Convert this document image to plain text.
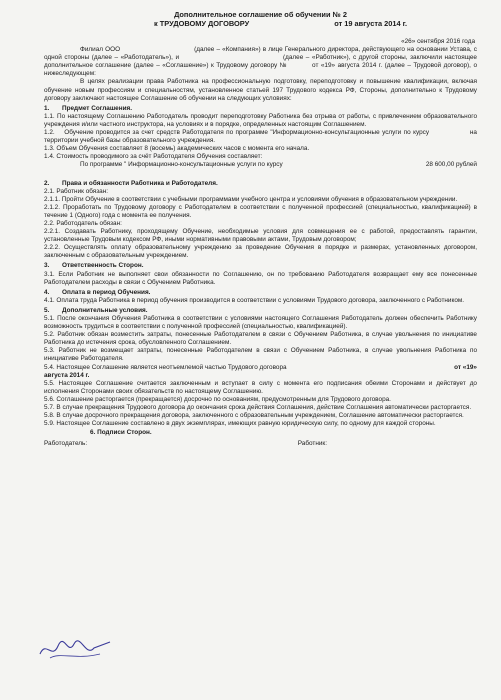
Дополнительное соглашение об обучении № 2
к ТРУДОВОМУ ДОГОВОРУ	от 19 августа 2014 г.
«26» сентября 2016 года

Филиал ООО                                   (далее – «Компания») в лице Генерального директора, действующего на основании Устава, с одной стороны (далее – «Работодатель»), и                                         (далее – «Работник»), с другой стороны, заключили настоящее дополнительное соглашение (далее – «Соглашение») к Трудовому договору №          от «19» августа 2014 г. (далее – Трудовой договор), о нижеследующем:

В целях реализации права Работника на профессиональную подготовку, переподготовку и повышение квалификации, включая обучение новым профессиям и специальностям, установленное статьей 197 Трудового кодекса РФ, Стороны, дополнительно к Трудовому договору заключают настоящее Соглашение об обучении на следующих условиях:

1. Предмет Соглашения.

1.1. По настоящему Соглашению Работодатель проводит переподготовку Работника без отрыва от работы, с привлечением образовательного учреждения и/или частного инструктора, на условиях и в порядке, определенных настоящим Соглашением.

1.2.    Обучение проводится за счет средств Работодателя по программе "Информационно-консультационные услуги по курсу                 на территории учебной базы образовательного учреждения.

1.3. Объем Обучения составляет 8 (восемь) академических часов с момента его начала.

1.4. Стоимость проводимого за счёт Работодателя Обучения составляет:

По программе " Информационно-консультационные услуги по курсу	28 600,00 рублей
2. Права и обязанности Работника и Работодателя.

2.1. Работник обязан:

2.1.1. Пройти Обучение в соответствии с учебными программами учебного центра и условиями обучения в образовательном учреждении.

2.1.2. Проработать по Трудовому договору с Работодателем в соответствии с полученной профессией (специальностью, квалификацией) в течение 1 (Одного) года с момента ее получения.

2.2. Работодатель обязан:

2.2.1. Создавать Работнику, проходящему Обучение, необходимые условия для совмещения ее с работой, предоставлять гарантии, установленные Трудовым кодексом РФ, иными нормативными правовыми актами, Трудовым договором;

2.2.2. Осуществлять оплату образовательному учреждению за проведение Обучения в порядке и размерах, установленных договором, заключенным с образовательным учреждением.

3. Ответственность Сторон.

3.1. Если Работник не выполняет свои обязанности по Соглашению, он по требованию Работодателя возвращает ему все понесенные Работодателем расходы в связи с Обучением Работника.

4. Оплата в период Обучения.

4.1. Оплата труда Работника в период обучения производится в соответствии с условиями Трудового договора, заключенного с Работником.

5. Дополнительные условия.

5.1. После окончания Обучения Работника в соответствии с условиями настоящего Соглашения Работодатель должен обеспечить Работнику возможность трудиться в соответствии с полученной профессией (специальностью, квалификацией).

5.2. Работник обязан возместить затраты, понесенные Работодателем в связи с Обучением Работника, в случае увольнения по инициативе Работника до истечения срока, обусловленного Соглашением.

5.3. Работник не возмещает затраты, понесенные Работодателем в связи с Обучением Работника, в случае увольнения Работника по инициативе Работодателя.

5.4. Настоящее Соглашение является неотъемлемой частью Трудового договора	от «19»
августа 2014 г.

5.5. Настоящее Соглашение считается заключенным и вступает в силу с момента его подписания обеими Сторонами и действует до исполнения Сторонами своих обязательств по настоящему Соглашению.

5.6. Соглашение расторгается (прекращается) досрочно по основаниям, предусмотренным для Трудового договора.

5.7. В случае прекращения Трудового договора до окончания срока действия Соглашения, действие Соглашения автоматически расторгается.

5.8. В случае досрочного прекращения договора, заключенного с образовательным учреждением, Соглашение автоматически расторгается.

5.9. Настоящее Соглашение составлено в двух экземплярах, имеющих равную юридическую силу, по одному для каждой стороны.

6. Подписи Сторон.
Работодатель:	Работник:
